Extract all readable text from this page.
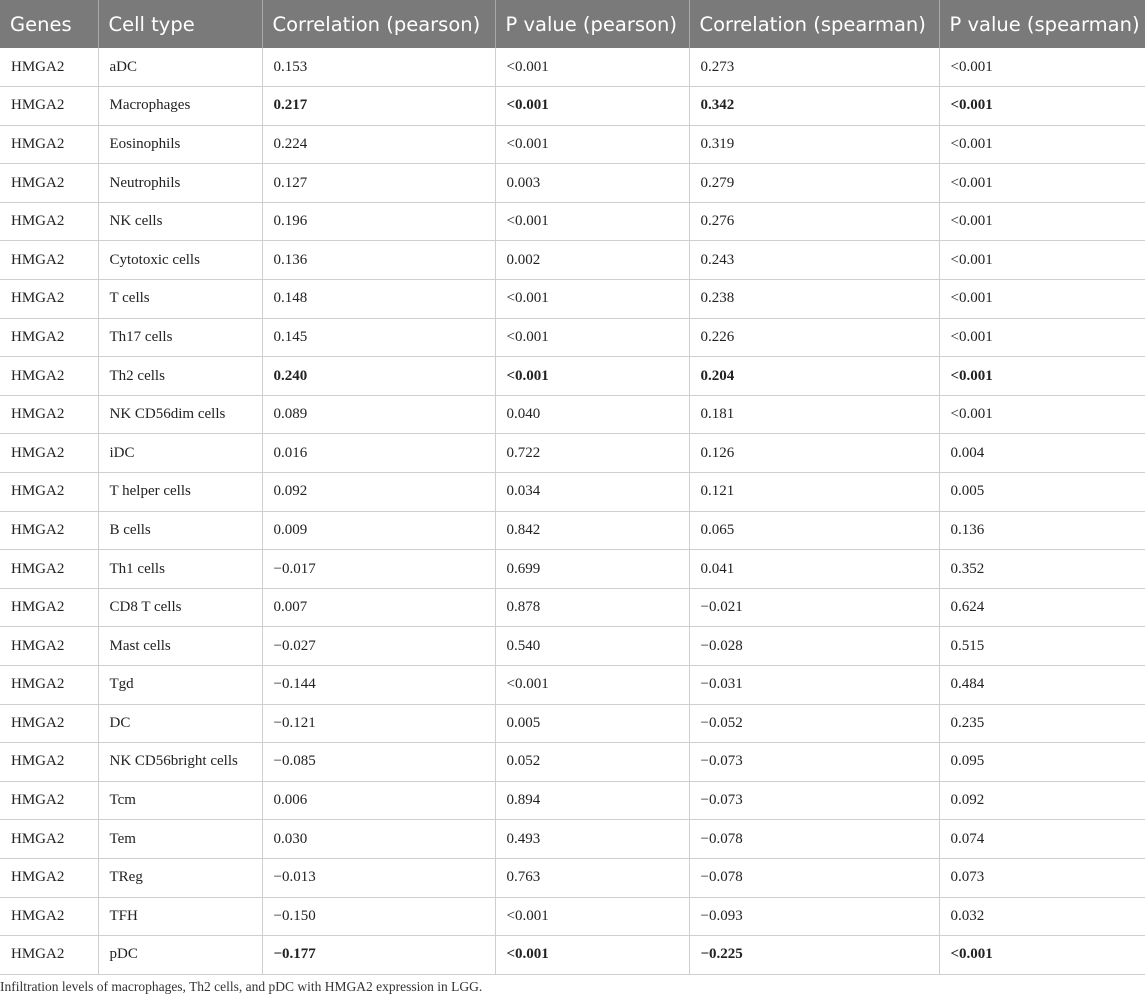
Genes	Cell type	Correlation (pearson)	P value (pearson)	Correlation (spearman)	P value (spearman)
HMGA2	aDC	0.153	<0.001	0.273	<0.001
HMGA2	Macrophages	0.217	<0.001	0.342	<0.001
HMGA2	Eosinophils	0.224	<0.001	0.319	<0.001
HMGA2	Neutrophils	0.127	0.003	0.279	<0.001
HMGA2	NK cells	0.196	<0.001	0.276	<0.001
HMGA2	Cytotoxic cells	0.136	0.002	0.243	<0.001
HMGA2	T cells	0.148	<0.001	0.238	<0.001
HMGA2	Th17 cells	0.145	<0.001	0.226	<0.001
HMGA2	Th2 cells	0.240	<0.001	0.204	<0.001
HMGA2	NK CD56dim cells	0.089	0.040	0.181	<0.001
HMGA2	iDC	0.016	0.722	0.126	0.004
HMGA2	T helper cells	0.092	0.034	0.121	0.005
HMGA2	B cells	0.009	0.842	0.065	0.136
HMGA2	Th1 cells	−0.017	0.699	0.041	0.352
HMGA2	CD8 T cells	0.007	0.878	−0.021	0.624
HMGA2	Mast cells	−0.027	0.540	−0.028	0.515
HMGA2	Tgd	−0.144	<0.001	−0.031	0.484
HMGA2	DC	−0.121	0.005	−0.052	0.235
HMGA2	NK CD56bright cells	−0.085	0.052	−0.073	0.095
HMGA2	Tcm	0.006	0.894	−0.073	0.092
HMGA2	Tem	0.030	0.493	−0.078	0.074
HMGA2	TReg	−0.013	0.763	−0.078	0.073
HMGA2	TFH	−0.150	<0.001	−0.093	0.032
HMGA2	pDC	−0.177	<0.001	−0.225	<0.001
Infiltration levels of macrophages, Th2 cells, and pDC with HMGA2 expression in LGG.
